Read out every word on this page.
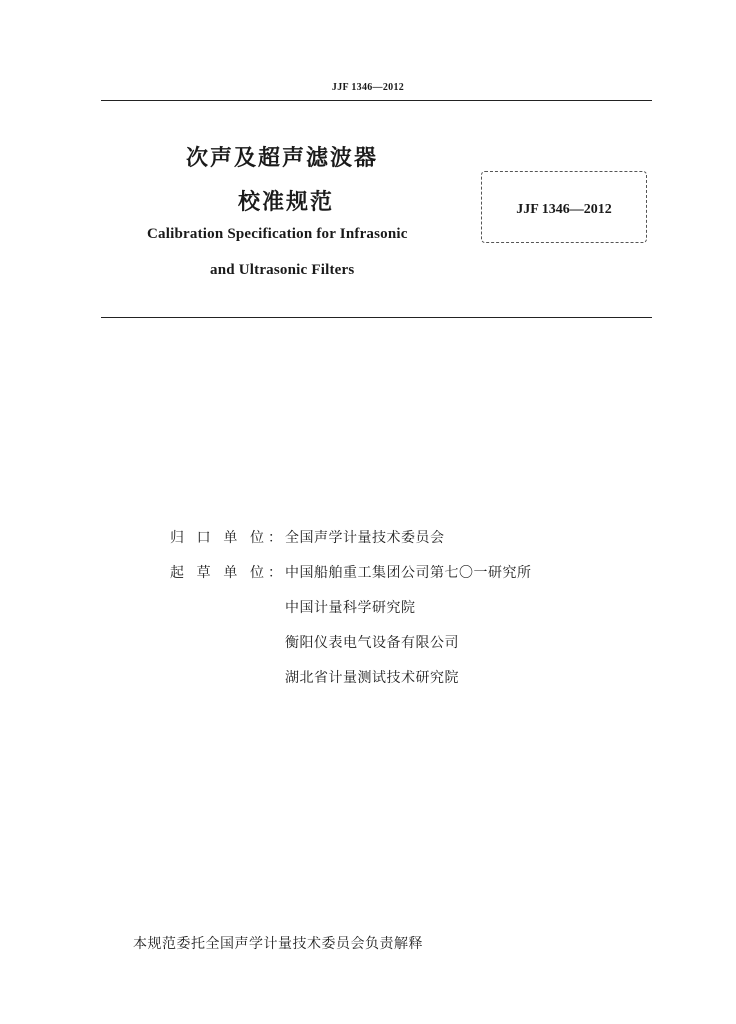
JJF 1346—2012
次声及超声滤波器
校准规范
Calibration Specification for Infrasonic
and Ultrasonic Filters
JJF 1346—2012
归 口 单 位 ： 全国声学计量技术委员会
起 草 单 位 ： 中国船舶重工集团公司第七〇一研究所
中国计量科学研究院
衡阳仪表电气设备有限公司
湖北省计量测试技术研究院
本规范委托全国声学计量技术委员会负责解释
